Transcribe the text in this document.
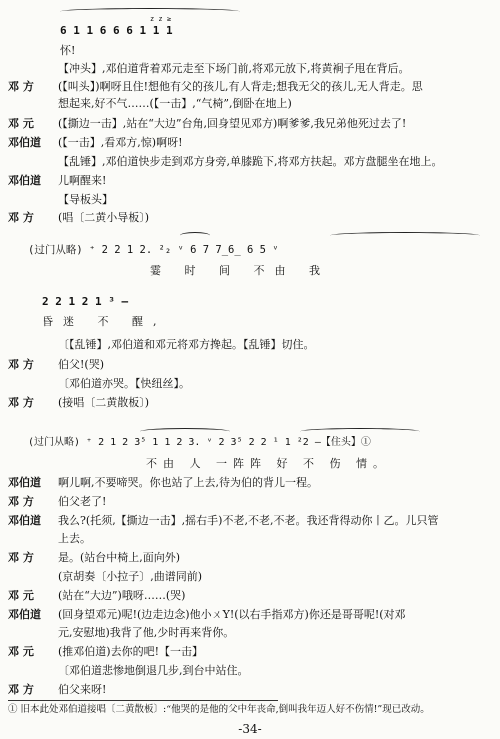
z z ≥
6 1 1 6 6 6 1 1 1
怀!
【冲头】,邓伯道背着邓元走至下场门前,将邓元放下,将黄裥子甩在背后。
邓 方	(【叫头】)啊呀且住!想他有父的孩儿,有人背走;想我无父的孩儿,无人背走。思
想起来,好不气……(【一击】,“气椅”,倒卧在地上)
邓 元	(【撕边一击】,站在“大边”台角,回身望见邓方)啊爹爹,我兄弟他死过去了!
邓伯道	(【一击】,看邓方,惊)啊呀!
【乱锤】,邓伯道快步走到邓方身旁,单膝跪下,将邓方扶起。邓方盘腿坐在地上。
邓伯道	儿啊醒来!
【导板头】
邓 方	(唱〔二黄小导板〕)
(过门从略) ⁺ 2 2 1 2. ²₂ ᵛ 6 7 7̲6̲ 6 5 ᵛ
霎 时 间 不由 我
2 2 1 2 1 ³ —
昏迷 不 醒,
〔【乱锤】,邓伯道和邓元将邓方搀起。【乱锤】切住。
邓 方	伯父!(哭)
〔邓伯道亦哭。【快纽丝】。
邓 方	(接唱〔二黄散板〕)
(过门从略) ⁺ 2 1 2 3⁵ 1 1 2 3. ᵛ 2 3⁵ 2 2 ¹ 1 ²2 –【住头】①
不由 人 一阵阵 好 不 伤 情。
邓伯道	啊儿啊,不要啼哭。你也站了上去,待为伯的背儿一程。
邓 方	伯父老了!
邓伯道	我么?(托须,【撕边一击】,摇右手)不老,不老,不老。我还背得动你丨乙。儿只管
上去。
邓 方	是。(站台中椅上,面向外)
(京胡奏〔小拉子〕,曲谱同前)
邓 元	(站在“大边”)哦呀……(哭)
邓伯道	(回身望邓元)呢!(边走边念)他小ㄨY!(以右手指邓方)你还是哥哥呢!(对邓
元,安慰地)我背了他,少时再来背你。
邓 元	(推邓伯道)去你的吧!【一击】
〔邓伯道悲惨地倒退几步,到台中站住。
邓 方	伯父来呀!
① 旧本此处邓伯道接唱〔二黄散板〕:“他哭的是他的父中年丧命,倒叫我年迈人好不伤情!”现已改动。
-34-
